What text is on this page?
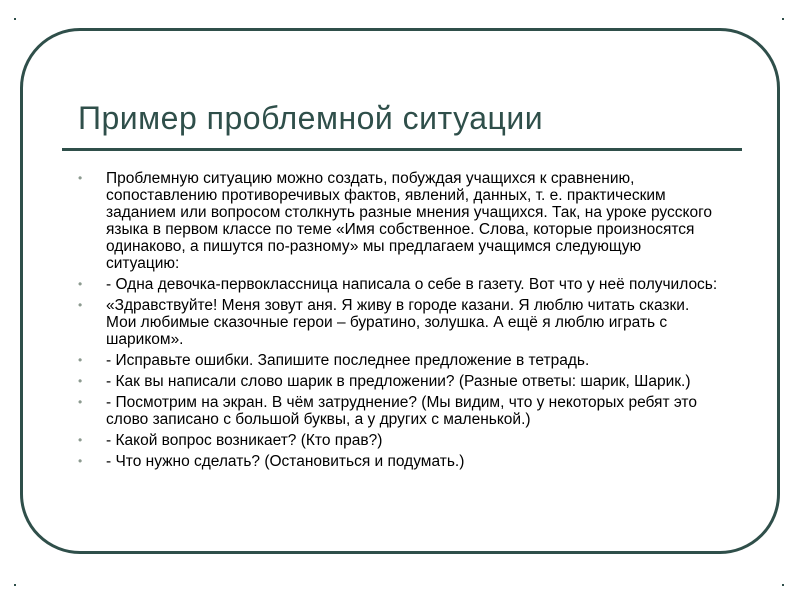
Пример проблемной ситуации
• Проблемную ситуацию можно создать, побуждая учащихся к сравнению, сопоставлению противоречивых фактов, явлений, данных, т. е. практическим заданием или вопросом столкнуть разные мнения учащихся. Так, на уроке русского языка в первом классе по теме «Имя собственное. Слова, которые произносятся одинаково, а пишутся по-разному» мы предлагаем учащимся следующую ситуацию:
• - Одна девочка-первоклассница написала о себе в газету. Вот что у неё получилось:
• «Здравствуйте! Меня зовут аня. Я живу в городе казани. Я люблю читать сказки. Мои любимые сказочные герои – буратино, золушка. А ещё я люблю играть с шариком».
• - Исправьте ошибки. Запишите последнее предложение в тетрадь.
• - Как вы написали слово шарик в предложении? (Разные ответы: шарик, Шарик.)
• - Посмотрим на экран. В чём затруднение? (Мы видим, что у некоторых ребят это слово записано с большой буквы, а у других с маленькой.)
• - Какой вопрос возникает? (Кто прав?)
• - Что нужно сделать? (Остановиться и подумать.)
